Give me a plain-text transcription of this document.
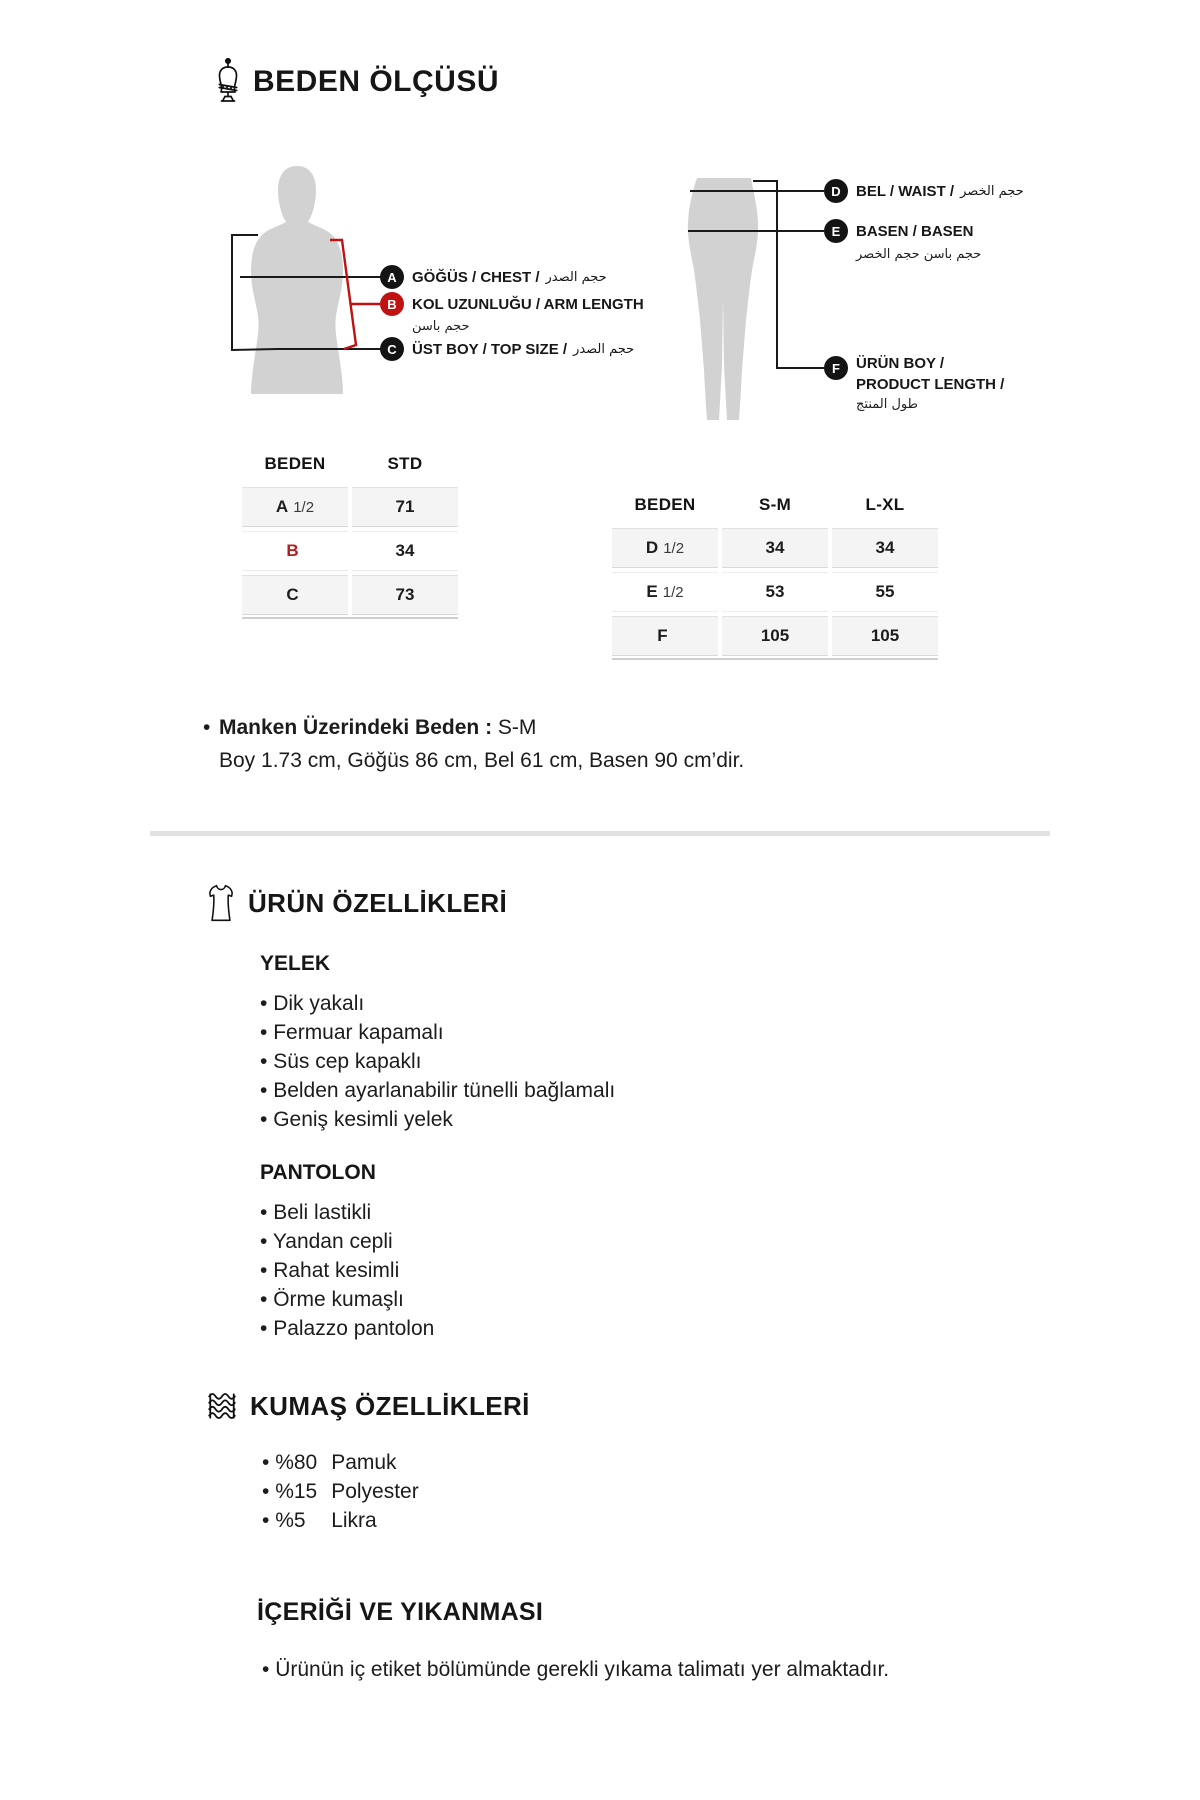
BEDEN ÖLÇÜSÜ
A GÖĞÜS / CHEST / حجم الصدر
B KOL UZUNLUĞU / ARM LENGTH
حجم باسن
C ÜST BOY / TOP SIZE / حجم الصدر
D BEL / WAIST / حجم الخصر
E BASEN / BASEN
حجم باسن حجم الخصر
F ÜRÜN BOY /
PRODUCT LENGTH /
طول المنتج
BEDEN	STD
A 1/2	71
B	34
C	73
BEDEN	S-M	L-XL
D 1/2	34	34
E 1/2	53	55
F	105	105
• Manken Üzerindeki Beden : S-M
Boy 1.73 cm, Göğüs 86 cm, Bel 61 cm, Basen 90 cm’dir.
ÜRÜN ÖZELLİKLERİ
YELEK
• Dik yakalı
• Fermuar kapamalı
• Süs cep kapaklı
• Belden ayarlanabilir tünelli bağlamalı
• Geniş kesimli yelek
PANTOLON
• Beli lastikli
• Yandan cepli
• Rahat kesimli
• Örme kumaşlı
• Palazzo pantolon
KUMAŞ ÖZELLİKLERİ
• %80 Pamuk
• %15 Polyester
• %5 Likra
İÇERİĞİ VE YIKANMASI
• Ürünün iç etiket bölümünde gerekli yıkama talimatı yer almaktadır.
